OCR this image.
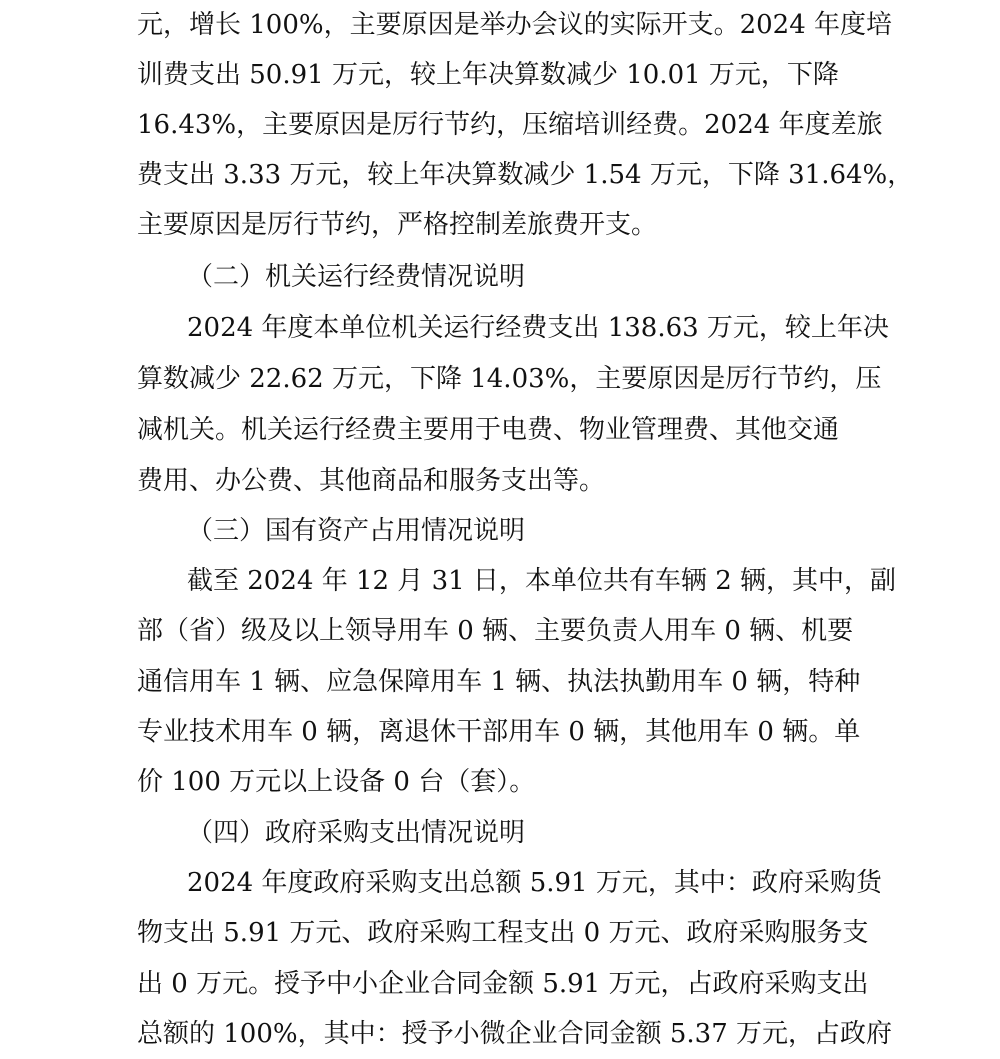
元，增长 100%，主要原因是举办会议的实际开支。2024 年度培
训费支出 50.91 万元，较上年决算数减少 10.01 万元，下降
16.43%，主要原因是厉行节约，压缩培训经费。2024 年度差旅
费支出 3.33 万元，较上年决算数减少 1.54 万元，下降 31.64%，
主要原因是厉行节约，严格控制差旅费开支。
（二）机关运行经费情况说明
2024 年度本单位机关运行经费支出 138.63 万元，较上年决
算数减少 22.62 万元，下降 14.03%，主要原因是厉行节约，压
减机关。机关运行经费主要用于电费、物业管理费、其他交通
费用、办公费、其他商品和服务支出等。
（三）国有资产占用情况说明
截至 2024 年 12 月 31 日，本单位共有车辆 2 辆，其中，副
部（省）级及以上领导用车 0 辆、主要负责人用车 0 辆、机要
通信用车 1 辆、应急保障用车 1 辆、执法执勤用车 0 辆，特种
专业技术用车 0 辆，离退休干部用车 0 辆，其他用车 0 辆。单
价 100 万元以上设备 0 台（套）。
（四）政府采购支出情况说明
2024 年度政府采购支出总额 5.91 万元，其中：政府采购货
物支出 5.91 万元、政府采购工程支出 0 万元、政府采购服务支
出 0 万元。授予中小企业合同金额 5.91 万元，占政府采购支出
总额的 100%，其中：授予小微企业合同金额 5.37 万元，占政府
